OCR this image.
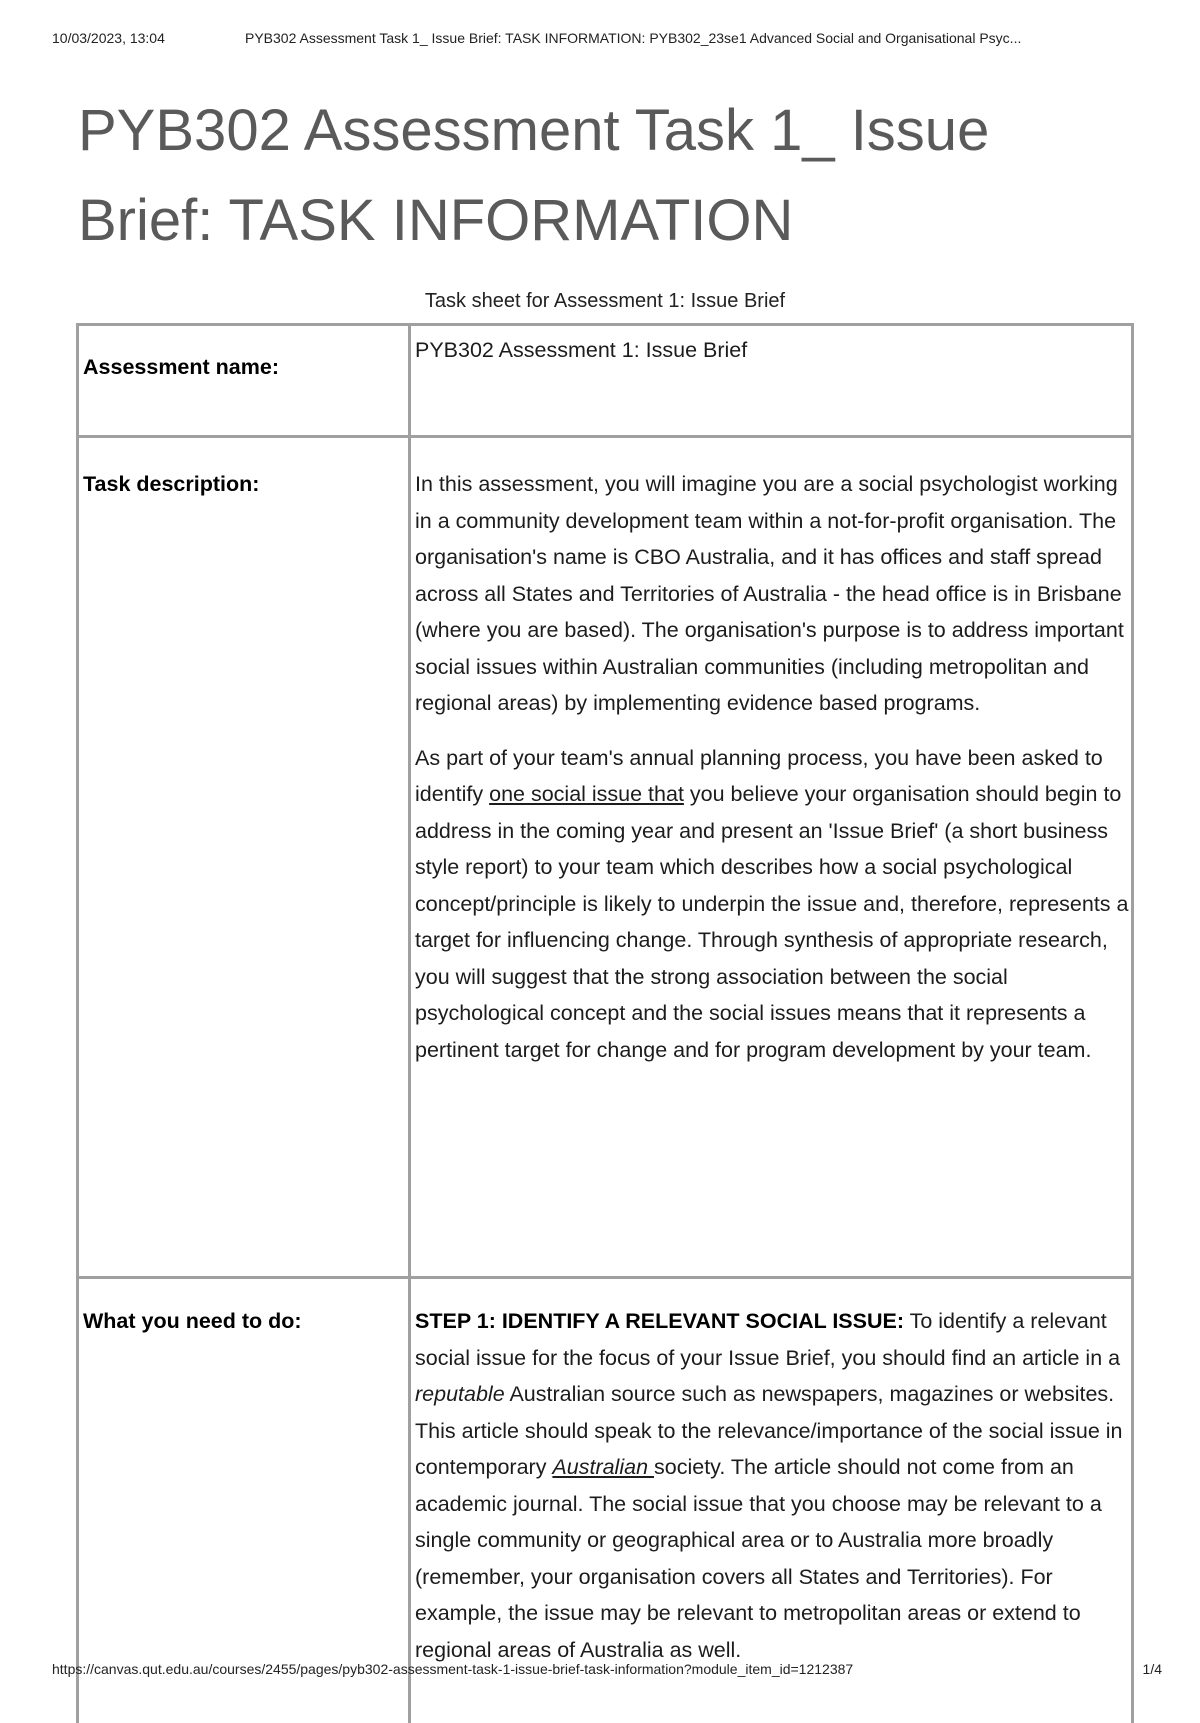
10/03/2023, 13:04	PYB302 Assessment Task 1_ Issue Brief: TASK INFORMATION: PYB302_23se1 Advanced Social and Organisational Psyc...
PYB302 Assessment Task 1_ Issue Brief: TASK INFORMATION
Task sheet for Assessment 1: Issue Brief
Assessment name:	PYB302 Assessment 1: Issue Brief
Task description:	In this assessment, you will imagine you are a social psychologist working in a community development team within a not-for-profit organisation. The organisation's name is CBO Australia, and it has offices and staff spread across all States and Territories of Australia - the head office is in Brisbane (where you are based). The organisation's purpose is to address important social issues within Australian communities (including metropolitan and regional areas) by implementing evidence based programs.

As part of your team's annual planning process, you have been asked to identify one social issue that you believe your organisation should begin to address in the coming year and present an 'Issue Brief' (a short business style report) to your team which describes how a social psychological concept/principle is likely to underpin the issue and, therefore, represents a target for influencing change. Through synthesis of appropriate research, you will suggest that the strong association between the social psychological concept and the social issues means that it represents a pertinent target for change and for program development by your team.

What you need to do:	STEP 1: IDENTIFY A RELEVANT SOCIAL ISSUE: To identify a relevant social issue for the focus of your Issue Brief, you should find an article in a reputable Australian source such as newspapers, magazines or websites. This article should speak to the relevance/importance of the social issue in contemporary Australian society. The article should not come from an academic journal. The social issue that you choose may be relevant to a single community or geographical area or to Australia more broadly (remember, your organisation covers all States and Territories). For example, the issue may be relevant to metropolitan areas or extend to regional areas of Australia as well.

https://canvas.qut.edu.au/courses/2455/pages/pyb302-assessment-task-1-issue-brief-task-information?module_item_id=1212387	1/4
